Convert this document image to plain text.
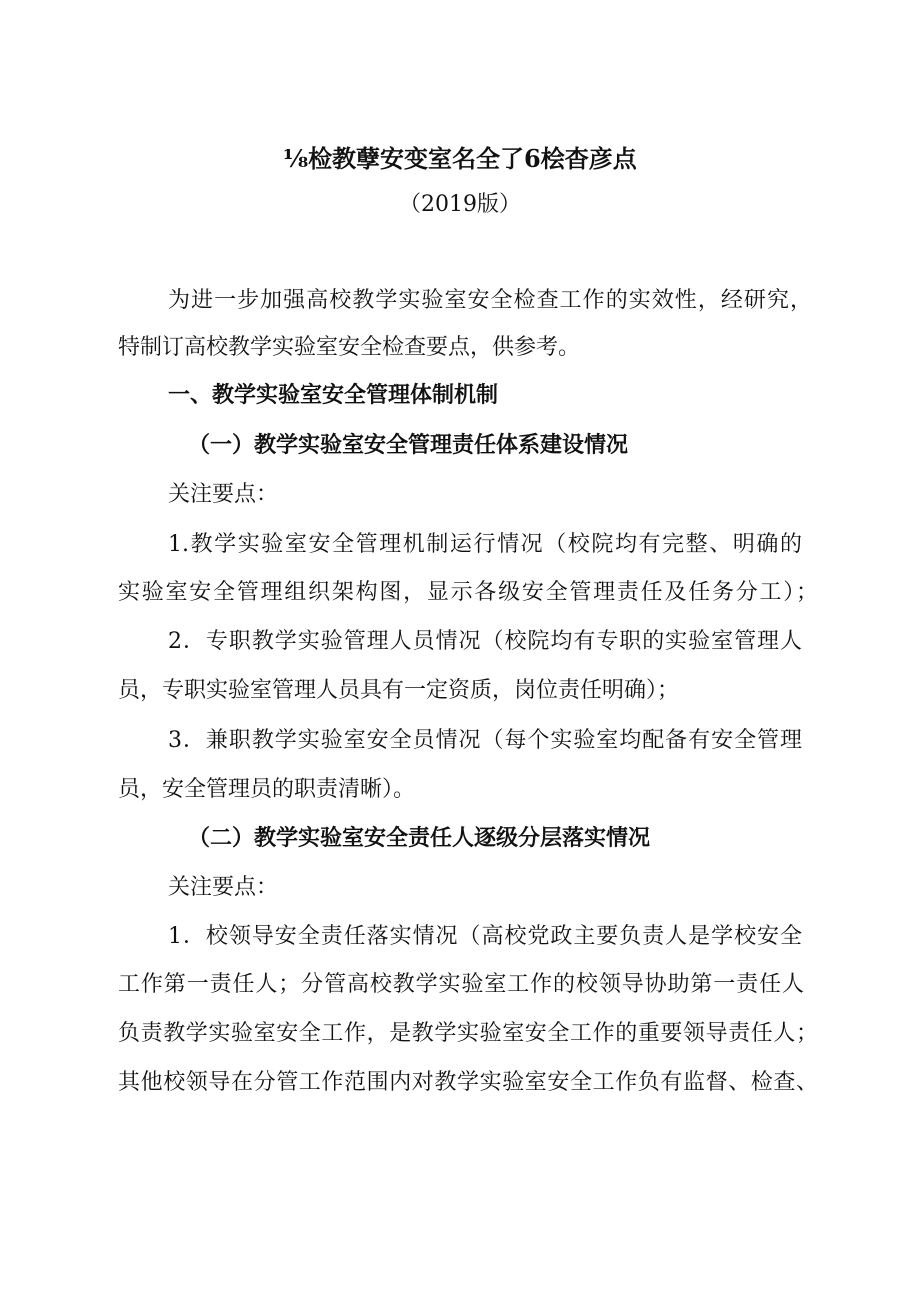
⅛检教孽安变室名全了6桧杳彦点
（2019版）
为进一步加强高校教学实验室安全检查工作的实效性，经研究，
特制订高校教学实验室安全检查要点，供参考。
一、教学实验室安全管理体制机制
（一）教学实验室安全管理责任体系建设情况
关注要点：
1.教学实验室安全管理机制运行情况（校院均有完整、明确的
实验室安全管理组织架构图，显示各级安全管理责任及任务分工）；
2．专职教学实验管理人员情况（校院均有专职的实验室管理人
员，专职实验室管理人员具有一定资质，岗位责任明确）；
3．兼职教学实验室安全员情况（每个实验室均配备有安全管理
员，安全管理员的职责清晰）。
（二）教学实验室安全责任人逐级分层落实情况
关注要点：
1．校领导安全责任落实情况（高校党政主要负责人是学校安全
工作第一责任人；分管高校教学实验室工作的校领导协助第一责任人
负责教学实验室安全工作，是教学实验室安全工作的重要领导责任人；
其他校领导在分管工作范围内对教学实验室安全工作负有监督、检查、
